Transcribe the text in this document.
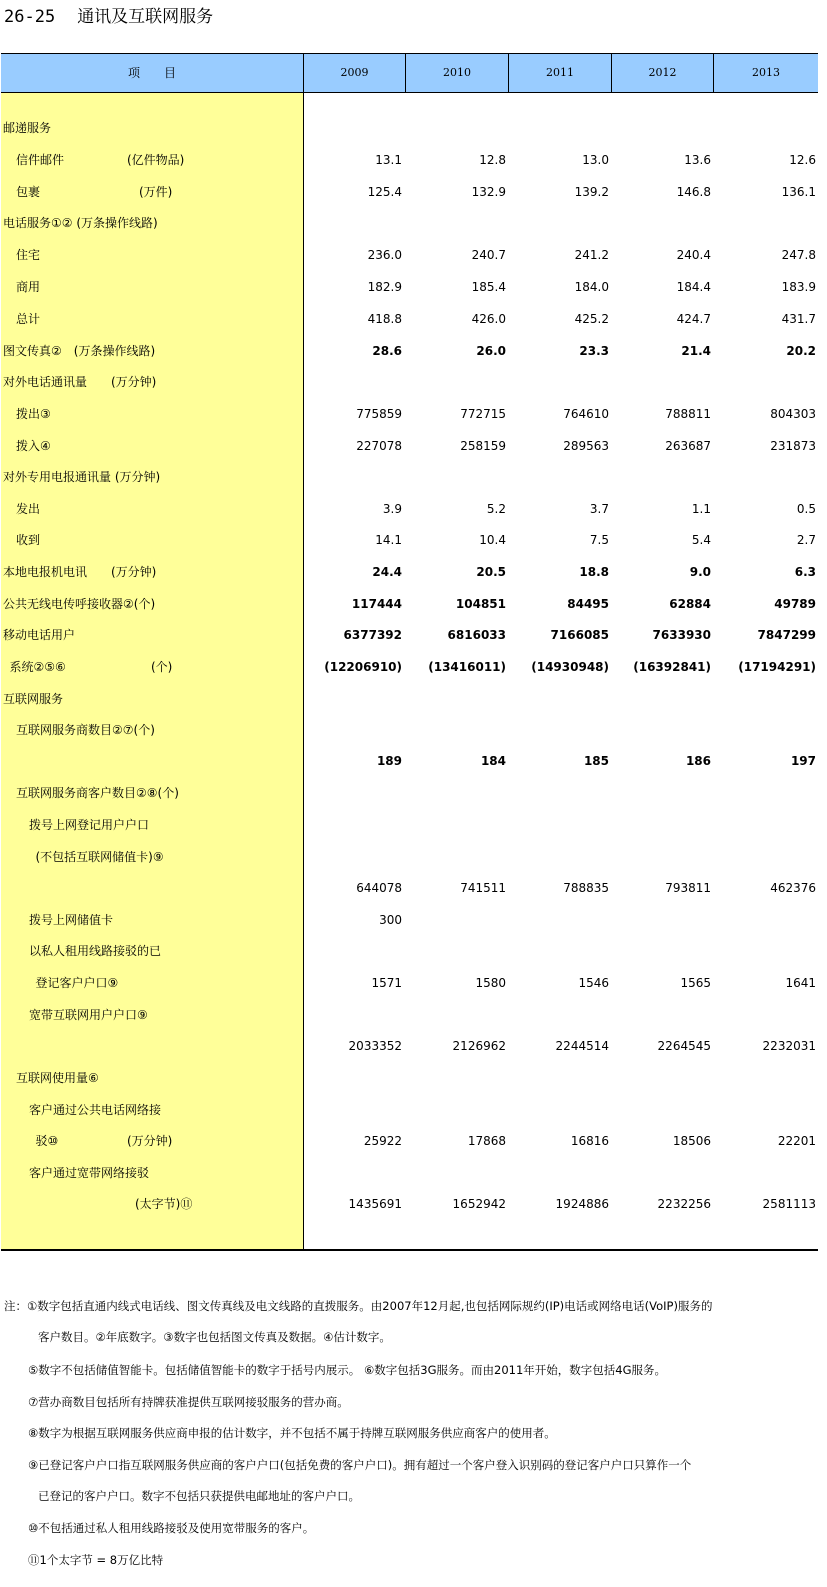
26-25 通讯及互联网服务
项　　目	2009	2010	2011	2012	2013
邮递服务
信件邮件	(亿件物品)	13.1	12.8	13.0	13.6	12.6
包裹	(万件)	125.4	132.9	139.2	146.8	136.1
电话服务①② (万条操作线路)
住宅	236.0	240.7	241.2	240.4	247.8
商用	182.9	185.4	184.0	184.4	183.9
总计	418.8	426.0	425.2	424.7	431.7
图文传真②　(万条操作线路)	28.6	26.0	23.3	21.4	20.2
对外电话通讯量　　(万分钟)
拨出③	775859	772715	764610	788811	804303
拨入④	227078	258159	289563	263687	231873
对外专用电报通讯量 (万分钟)
发出	3.9	5.2	3.7	1.1	0.5
收到	14.1	10.4	7.5	5.4	2.7
本地电报机电讯　　(万分钟)	24.4	20.5	18.8	9.0	6.3
公共无线电传呼接收器②(个)	117444	104851	84495	62884	49789
移动电话用户	6377392	6816033	7166085	7633930	7847299
系统②⑤⑥	(个)	(12206910)	(13416011)	(14930948)	(16392841)	(17194291)
互联网服务
互联网服务商数目②⑦(个)
189	184	185	186	197
互联网服务商客户数目②⑧(个)
拨号上网登记用户户口
(不包括互联网储值卡)⑨
644078	741511	788835	793811	462376
拨号上网储值卡	300
以私人租用线路接驳的已
登记客户户口⑨	1571	1580	1546	1565	1641
宽带互联网用户户口⑨
2033352	2126962	2244514	2264545	2232031
互联网使用量⑥
客户通过公共电话网络接
驳⑩	(万分钟)	25922	17868	16816	18506	22201
客户通过宽带网络接驳
(太字节)⑪	1435691	1652942	1924886	2232256	2581113
注：①数字包括直通内线式电话线、图文传真线及电文线路的直拨服务。由2007年12月起,也包括网际规约(IP)电话或网络电话(VoIP)服务的
客户数目。②年底数字。③数字也包括图文传真及数据。④估计数字。
⑤数字不包括储值智能卡。包括储值智能卡的数字于括号内展示。 ⑥数字包括3G服务。而由2011年开始，数字包括4G服务。
⑦营办商数目包括所有持牌获准提供互联网接驳服务的营办商。
⑧数字为根据互联网服务供应商申报的估计数字，并不包括不属于持牌互联网服务供应商客户的使用者。
⑨已登记客户户口指互联网服务供应商的客户户口(包括免费的客户户口)。拥有超过一个客户登入识别码的登记客户户口只算作一个
已登记的客户户口。数字不包括只获提供电邮地址的客户户口。
⑩不包括通过私人租用线路接驳及使用宽带服务的客户。
⑪1个太字节 = 8万亿比特
